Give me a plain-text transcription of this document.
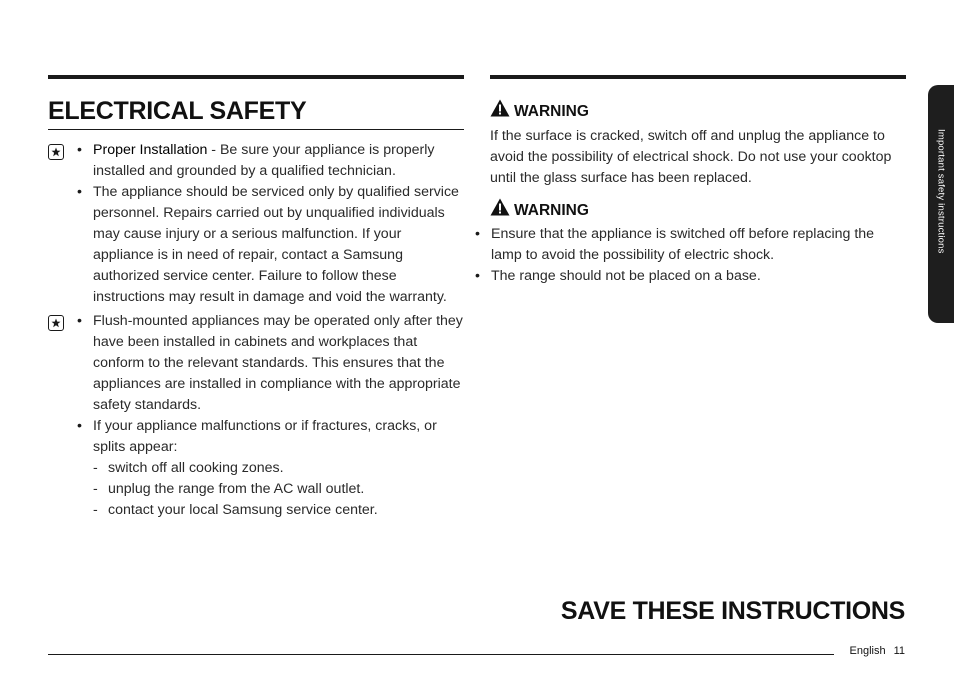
ELECTRICAL SAFETY
• Proper Installation - Be sure your appliance is properly installed and grounded by a qualified technician.
• The appliance should be serviced only by qualified service personnel. Repairs carried out by unqualified individuals may cause injury or a serious malfunction. If your appliance is in need of repair, contact a Samsung authorized service center. Failure to follow these instructions may result in damage and void the warranty.
• Flush-mounted appliances may be operated only after they have been installed in cabinets and workplaces that conform to the relevant standards. This ensures that the appliances are installed in compliance with the appropriate safety standards.
• If your appliance malfunctions or if fractures, cracks, or splits appear:
- switch off all cooking zones.
- unplug the range from the AC wall outlet.
- contact your local Samsung service center.
WARNING
If the surface is cracked, switch off and unplug the appliance to avoid the possibility of electrical shock. Do not use your cooktop until the glass surface has been replaced.
WARNING
• Ensure that the appliance is switched off before replacing the lamp to avoid the possibility of electric shock.
• The range should not be placed on a base.
SAVE THESE INSTRUCTIONS
English 11
Important safety instructions
